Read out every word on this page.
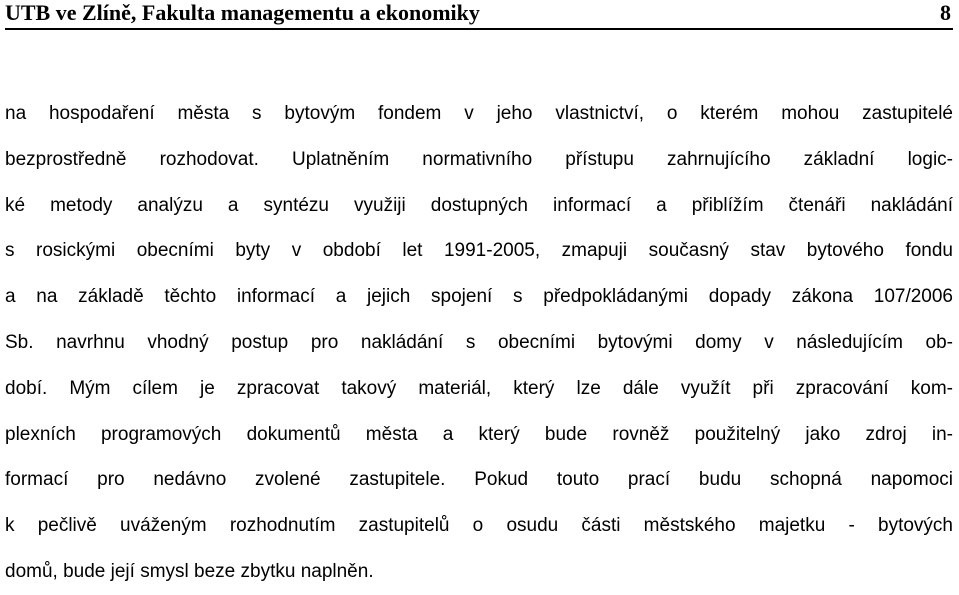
UTB ve Zlíně, Fakulta managementu a ekonomiky	8
na hospodaření města s bytovým fondem v jeho vlastnictví, o kterém mohou zastupitelé
bezprostředně rozhodovat. Uplatněním normativního přístupu zahrnujícího základní logic-
ké metody analýzu a syntézu využiji dostupných informací a přiblížím čtenáři nakládání
s rosickými obecními byty v období let 1991-2005, zmapuji současný stav bytového fondu
a na základě těchto informací a jejich spojení s předpokládanými dopady zákona 107/2006
Sb. navrhnu vhodný postup pro nakládání s obecními bytovými domy v následujícím ob-
dobí. Mým cílem je zpracovat takový materiál, který lze dále využít při zpracování kom-
plexních programových dokumentů města a který bude rovněž použitelný jako zdroj in-
formací pro nedávno zvolené zastupitele. Pokud touto prací budu schopná napomoci
k pečlivě uváženým rozhodnutím zastupitelů o osudu části městského majetku - bytových
domů, bude její smysl beze zbytku naplněn.
